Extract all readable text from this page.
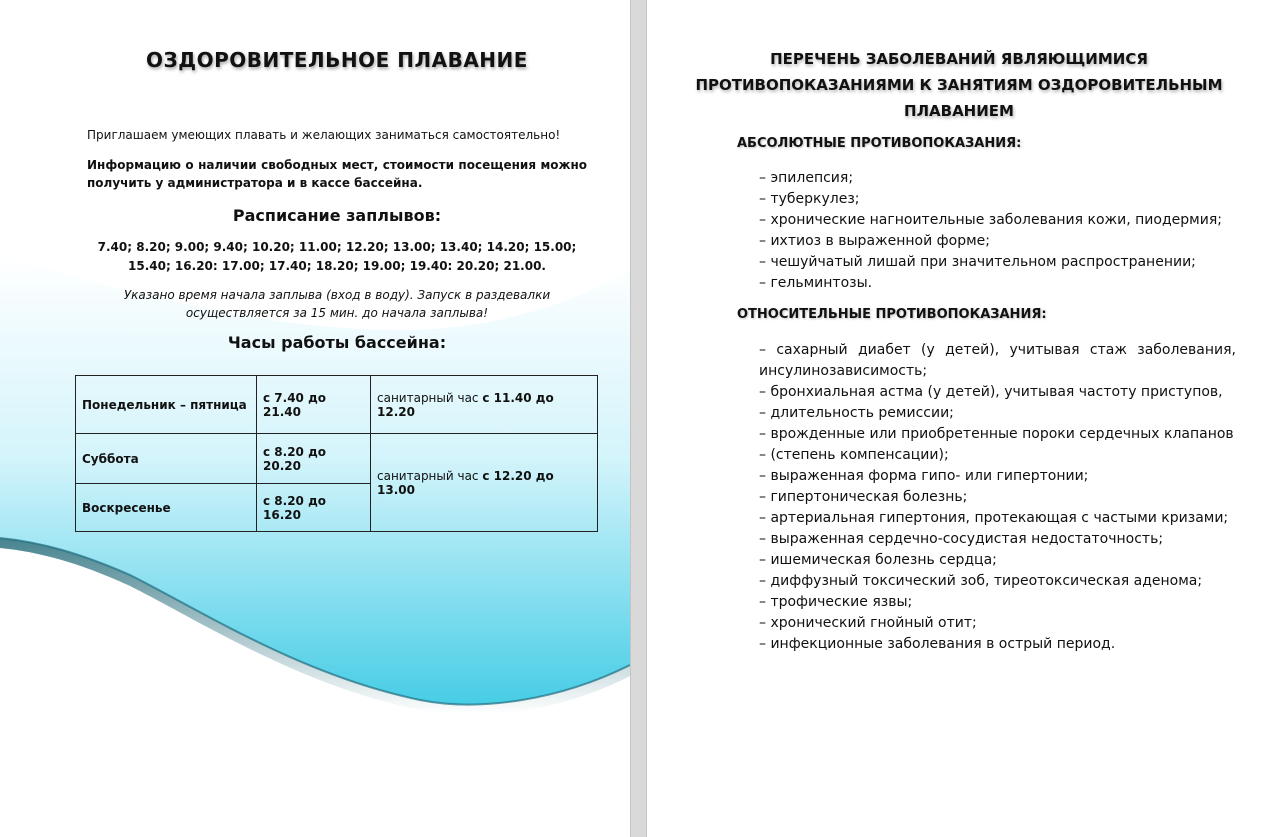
ОЗДОРОВИТЕЛЬНОЕ ПЛАВАНИЕ
Приглашаем умеющих плавать и желающих заниматься самостоятельно!
Информацию о наличии свободных мест, стоимости посещения можно получить у администратора и в кассе бассейна.
Расписание заплывов:
7.40; 8.20; 9.00; 9.40; 10.20; 11.00; 12.20; 13.00; 13.40; 14.20; 15.00; 15.40; 16.20: 17.00; 17.40; 18.20; 19.00; 19.40: 20.20; 21.00.
Указано время начала заплыва (вход в воду). Запуск в раздевалки осуществляется за 15 мин. до начала заплыва!
Часы работы бассейна:
Понедельник – пятница	с 7.40 до 21.40	санитарный час с 11.40 до 12.20
Суббота	с 8.20 до 20.20	санитарный час с 12.20 до 13.00
Воскресенье	с 8.20 до 16.20	
ПЕРЕЧЕНЬ ЗАБОЛЕВАНИЙ ЯВЛЯЮЩИМИСЯ
ПРОТИВОПОКАЗАНИЯМИ К ЗАНЯТИЯМ ОЗДОРОВИТЕЛЬНЫМ
ПЛАВАНИЕМ
АБСОЛЮТНЫЕ ПРОТИВОПОКАЗАНИЯ:
– эпилепсия;
– туберкулез;
– хронические нагноительные заболевания кожи, пиодермия;
– ихтиоз в выраженной форме;
– чешуйчатый лишай при значительном распространении;
– гельминтозы.
ОТНОСИТЕЛЬНЫЕ ПРОТИВОПОКАЗАНИЯ:
– сахарный диабет (у детей), учитывая стаж заболевания, инсулинозависимость;
– бронхиальная астма (у детей), учитывая частоту приступов,
– длительность ремиссии;
– врожденные или приобретенные пороки сердечных клапанов
– (степень компенсации);
– выраженная форма гипо- или гипертонии;
– гипертоническая болезнь;
– артериальная гипертония, протекающая с частыми кризами;
– выраженная сердечно-сосудистая недостаточность;
– ишемическая болезнь сердца;
– диффузный токсический зоб, тиреотоксическая аденома;
– трофические язвы;
– хронический гнойный отит;
– инфекционные заболевания в острый период.
